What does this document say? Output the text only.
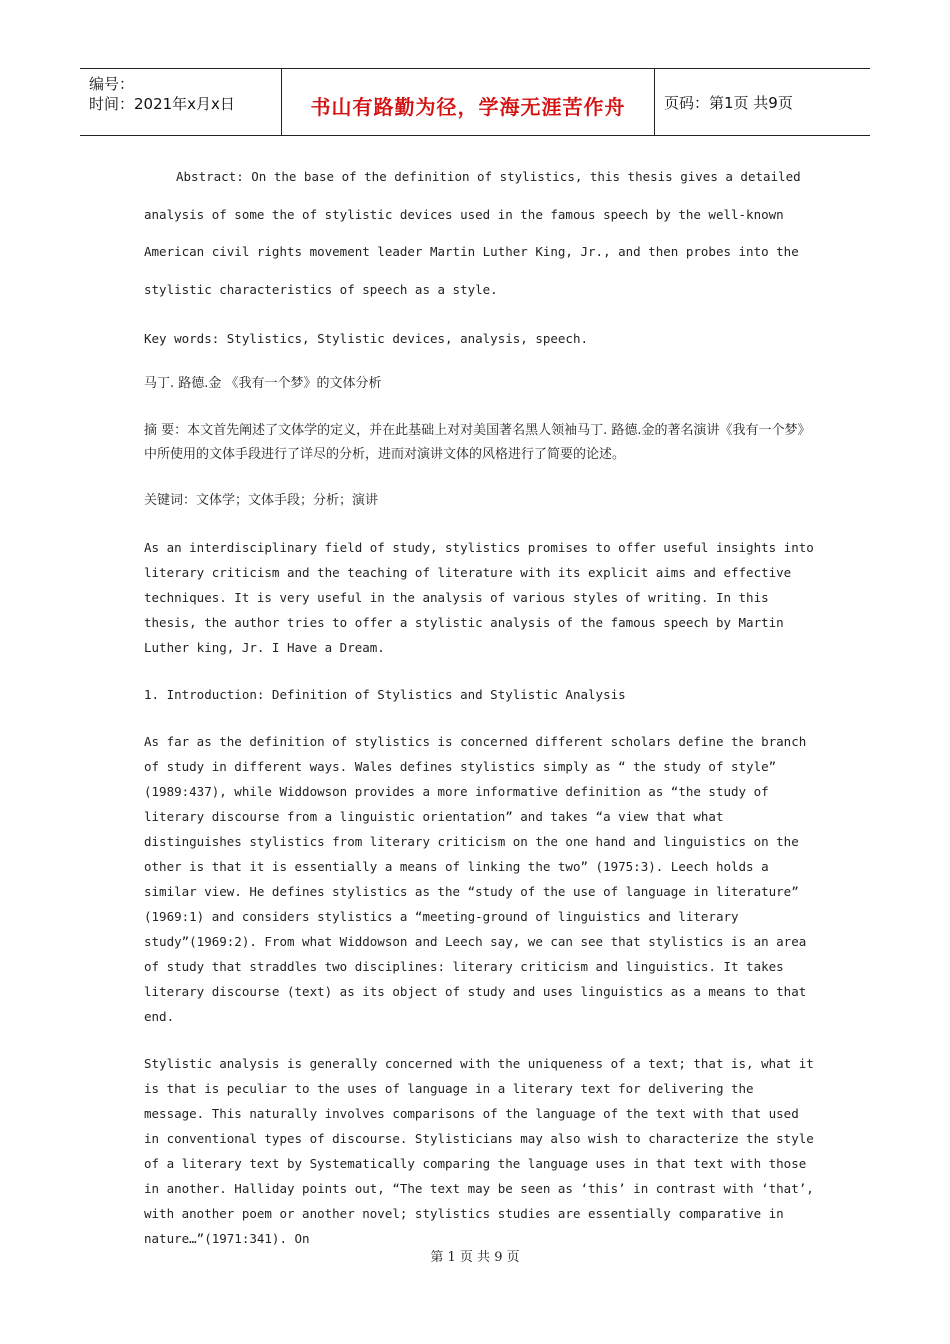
编号：
时间：2021年x月x日	书山有路勤为径，学海无涯苦作舟	页码：第1页 共9页

Abstract: On the base of the definition of stylistics, this thesis gives a detailed analysis of some the of stylistic devices used in the famous speech by the well-known American civil rights movement leader Martin Luther King, Jr., and then probes into the stylistic characteristics of speech as a style.

Key words: Stylistics, Stylistic devices, analysis, speech.

马丁. 路德.金 《我有一个梦》的文体分析

摘 要：本文首先阐述了文体学的定义，并在此基础上对对美国著名黑人领袖马丁. 路德.金的著名演讲《我有一个梦》中所使用的文体手段进行了详尽的分析，进而对演讲文体的风格进行了简要的论述。

关键词：文体学；文体手段；分析；演讲

As an interdisciplinary field of study, stylistics promises to offer useful insights into literary criticism and the teaching of literature with its explicit aims and effective techniques. It is very useful in the analysis of various styles of writing. In this thesis, the author tries to offer a stylistic analysis of the famous speech by Martin Luther king, Jr. I Have a Dream.

1. Introduction: Definition of Stylistics and Stylistic Analysis

As far as the definition of stylistics is concerned different scholars define the branch of study in different ways. Wales defines stylistics simply as “ the study of style” (1989:437), while Widdowson provides a more informative definition as “the study of literary discourse from a linguistic orientation” and takes “a view that what distinguishes stylistics from literary criticism on the one hand and linguistics on the other is that it is essentially a means of linking the two” (1975:3). Leech holds a similar view. He defines stylistics as the “study of the use of language in literature” (1969:1) and considers stylistics a “meeting-ground of linguistics and literary study”(1969:2). From what Widdowson and Leech say, we can see that stylistics is an area of study that straddles two disciplines: literary criticism and linguistics. It takes literary discourse (text) as its object of study and uses linguistics as a means to that end.

Stylistic analysis is generally concerned with the uniqueness of a text; that is, what it is that is peculiar to the uses of language in a literary text for delivering the message. This naturally involves comparisons of the language of the text with that used in conventional types of discourse. Stylisticians may also wish to characterize the style of a literary text by Systematically comparing the language uses in that text with those in another. Halliday points out, “The text may be seen as ‘this’ in contrast with ‘that’, with another poem or another novel; stylistics studies are essentially comparative in nature…”(1971:341). On

第 1 页 共 9 页
